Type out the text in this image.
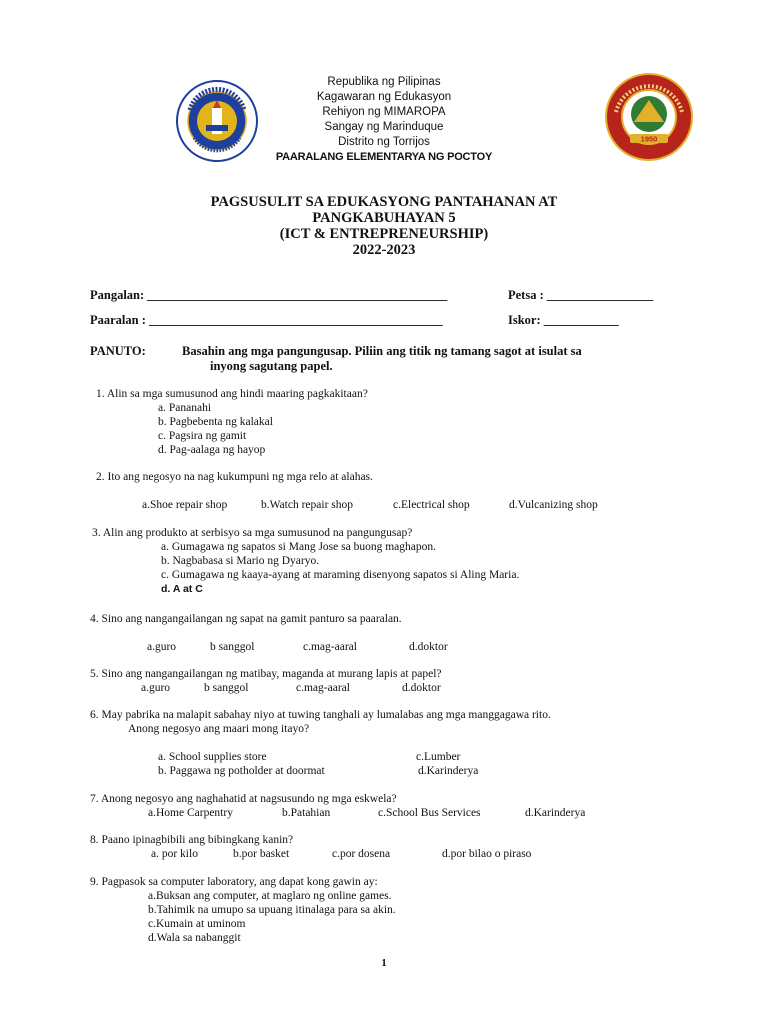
1950
Republika ng Pilipinas
Kagawaran ng Edukasyon
Rehiyon ng MIMAROPA
Sangay ng Marinduque
Distrito ng Torrijos
PAARALANG ELEMENTARYA NG POCTOY
PAGSUSULIT SA EDUKASYONG PANTAHANAN AT
PANGKABUHAYAN 5
(ICT & ENTREPRENEURSHIP)
2022-2023
Pangalan: ________________________________________________	Petsa : _________________
Paaralan : _______________________________________________	Iskor: ____________
PANUTO:	Basahin ang mga pangungusap. Piliin ang titik ng tamang sagot at isulat sa
inyong sagutang papel.
1. Alin sa mga sumusunod ang hindi maaring pagkakitaan?
a. Pananahi
b. Pagbebenta ng kalakal
c. Pagsira ng gamit
d. Pag-aalaga ng hayop
2. Ito ang negosyo na nag kukumpuni ng mga relo at alahas.
a.Shoe repair shop	b.Watch repair shop	c.Electrical shop	d.Vulcanizing shop
3. Alin ang produkto at serbisyo sa mga sumusunod na pangungusap?
a. Gumagawa ng sapatos si Mang Jose sa buong maghapon.
b. Nagbabasa si Mario ng Dyaryo.
c. Gumagawa ng kaaya-ayang at maraming disenyong sapatos si Aling Maria.
d. A at C
4. Sino ang nangangailangan ng sapat na gamit panturo sa paaralan.
a.guro	b sanggol	c.mag-aaral	d.doktor
5. Sino ang nangangailangan ng matibay, maganda at murang lapis at papel?
a.guro	b sanggol	c.mag-aaral	d.doktor
6. May pabrika na malapit sabahay niyo at tuwing tanghali ay lumalabas ang mga manggagawa rito.
Anong negosyo ang maari mong itayo?
a. School supplies store
b. Paggawa ng potholder at doormat
c.Lumber
d.Karinderya
7. Anong negosyo ang naghahatid at nagsusundo ng mga eskwela?
a.Home Carpentry	b.Patahian	c.School Bus Services	d.Karinderya
8. Paano ipinagbibili ang bibingkang kanin?
a. por kilo	b.por basket	c.por dosena	d.por bilao o piraso
9. Pagpasok sa computer laboratory, ang dapat kong gawin ay:
a.Buksan ang computer, at maglaro ng online games.
b.Tahimik na umupo sa upuang itinalaga para sa akin.
c.Kumain at uminom
d.Wala sa nabanggit
1
